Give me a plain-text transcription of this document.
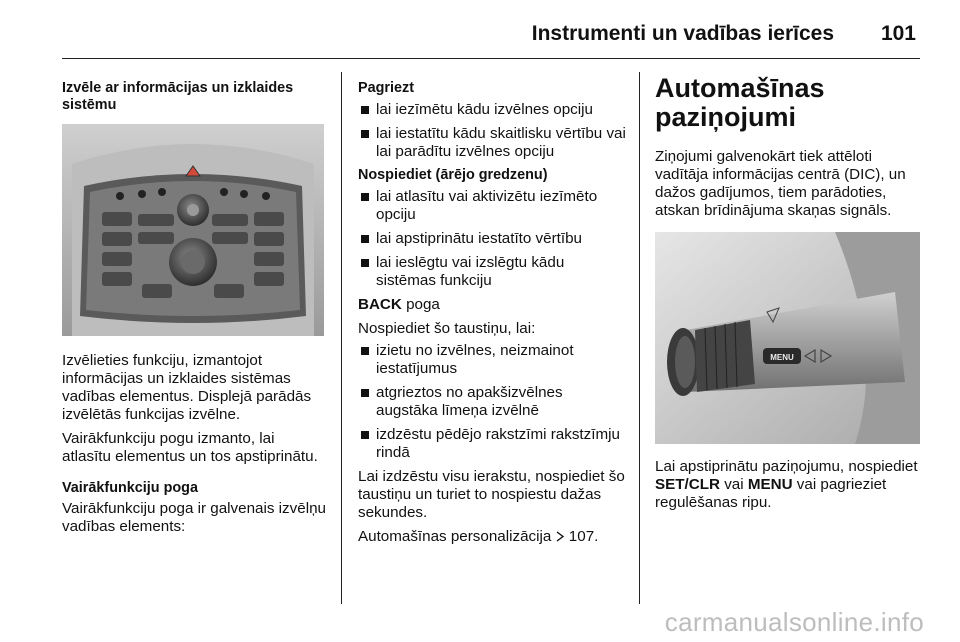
Instrumenti un vadības ierīces 101
Izvēle ar informācijas un izklaides sistēmu

Izvēlieties funkciju, izmantojot informācijas un izklaides sistēmas vadības elementus. Displejā parādās izvēlētās funkcijas izvēlne.

Vairākfunkciju pogu izmanto, lai atlasītu elementus un tos apstiprinātu.

Vairākfunkciju poga

Vairākfunkciju poga ir galvenais izvēlņu vadības elements:

Pagriezt
lai iezīmētu kādu izvēlnes opciju
lai iestatītu kādu skaitlisku vērtību vai lai parādītu izvēlnes opciju
Nospiediet (ārējo gredzenu)
lai atlasītu vai aktivizētu iezīmēto opciju
lai apstiprinātu iestatīto vērtību
lai ieslēgtu vai izslēgtu kādu sistēmas funkciju

BACK poga

Nospiediet šo taustiņu, lai:

izietu no izvēlnes, neizmainot iestatījumus
atgrieztos no apakšizvēlnes augstāka līmeņa izvēlnē
izdzēstu pēdējo rakstzīmi rakstzīmju rindā

Lai izdzēstu visu ierakstu, nospiediet šo taustiņu un turiet to nospiestu dažas sekundes.

Automašīnas personalizācija 107.

Automašīnas paziņojumi

Ziņojumi galvenokārt tiek attēloti vadītāja informācijas centrā (DIC), un dažos gadījumos, tiem parādoties, atskan brīdinājuma skaņas signāls.

MENU

Lai apstiprinātu paziņojumu, nospiediet SET/CLR vai MENU vai pagrieziet regulēšanas ripu.

carmanualsonline.info
